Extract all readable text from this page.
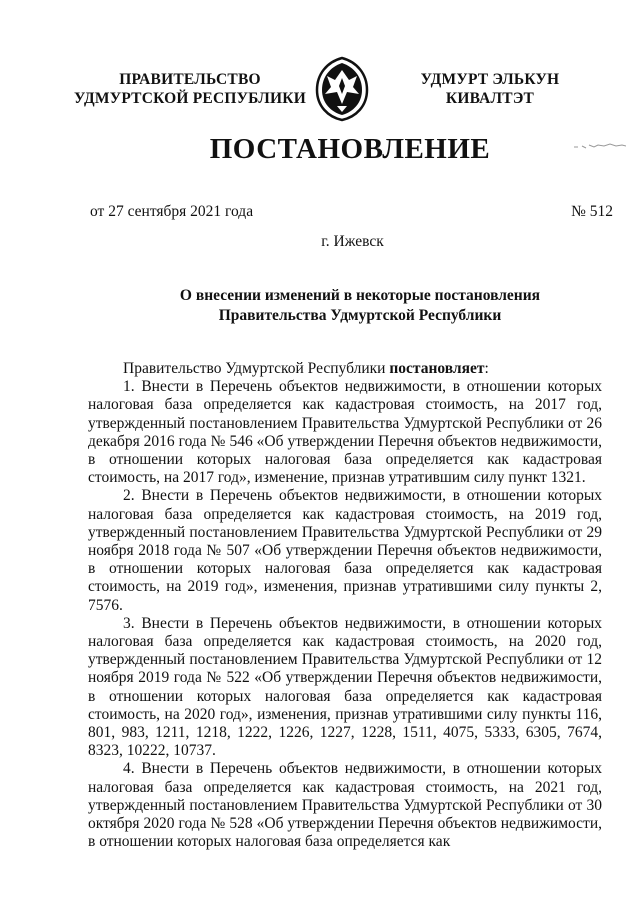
ПРАВИТЕЛЬСТВО
УДМУРТСКОЙ РЕСПУБЛИКИ
УДМУРТ ЭЛЬКУН
КИВАЛТЭТ
ПОСТАНОВЛЕНИЕ
от 27 сентября 2021 года	№ 512
г. Ижевск
О внесении изменений в некоторые постановления
Правительства Удмуртской Республики

Правительство Удмуртской Республики постановляет:

1. Внести в Перечень объектов недвижимости, в отношении которых налоговая база определяется как кадастровая стоимость, на 2017 год, утвержденный постановлением Правительства Удмуртской Республики от 26 декабря 2016 года № 546 «Об утверждении Перечня объектов недвижимости, в отношении которых налоговая база определяется как кадастровая стоимость, на 2017 год», изменение, признав утратившим силу пункт 1321.

2. Внести в Перечень объектов недвижимости, в отношении которых налоговая база определяется как кадастровая стоимость, на 2019 год, утвержденный постановлением Правительства Удмуртской Республики от 29 ноября 2018 года № 507 «Об утверждении Перечня объектов недвижимости, в отношении которых налоговая база определяется как кадастровая стоимость, на 2019 год», изменения, признав утратившими силу пункты 2, 7576.

3. Внести в Перечень объектов недвижимости, в отношении которых налоговая база определяется как кадастровая стоимость, на 2020 год, утвержденный постановлением Правительства Удмуртской Республики от 12 ноября 2019 года № 522 «Об утверждении Перечня объектов недвижимости, в отношении которых налоговая база определяется как кадастровая стоимость, на 2020 год», изменения, признав утратившими силу пункты 116, 801, 983, 1211, 1218, 1222, 1226, 1227, 1228, 1511, 4075, 5333, 6305, 7674, 8323, 10222, 10737.

4. Внести в Перечень объектов недвижимости, в отношении которых налоговая база определяется как кадастровая стоимость, на 2021 год, утвержденный постановлением Правительства Удмуртской Республики от 30 октября 2020 года № 528 «Об утверждении Перечня объектов недвижимости, в отношении которых налоговая база определяется как
